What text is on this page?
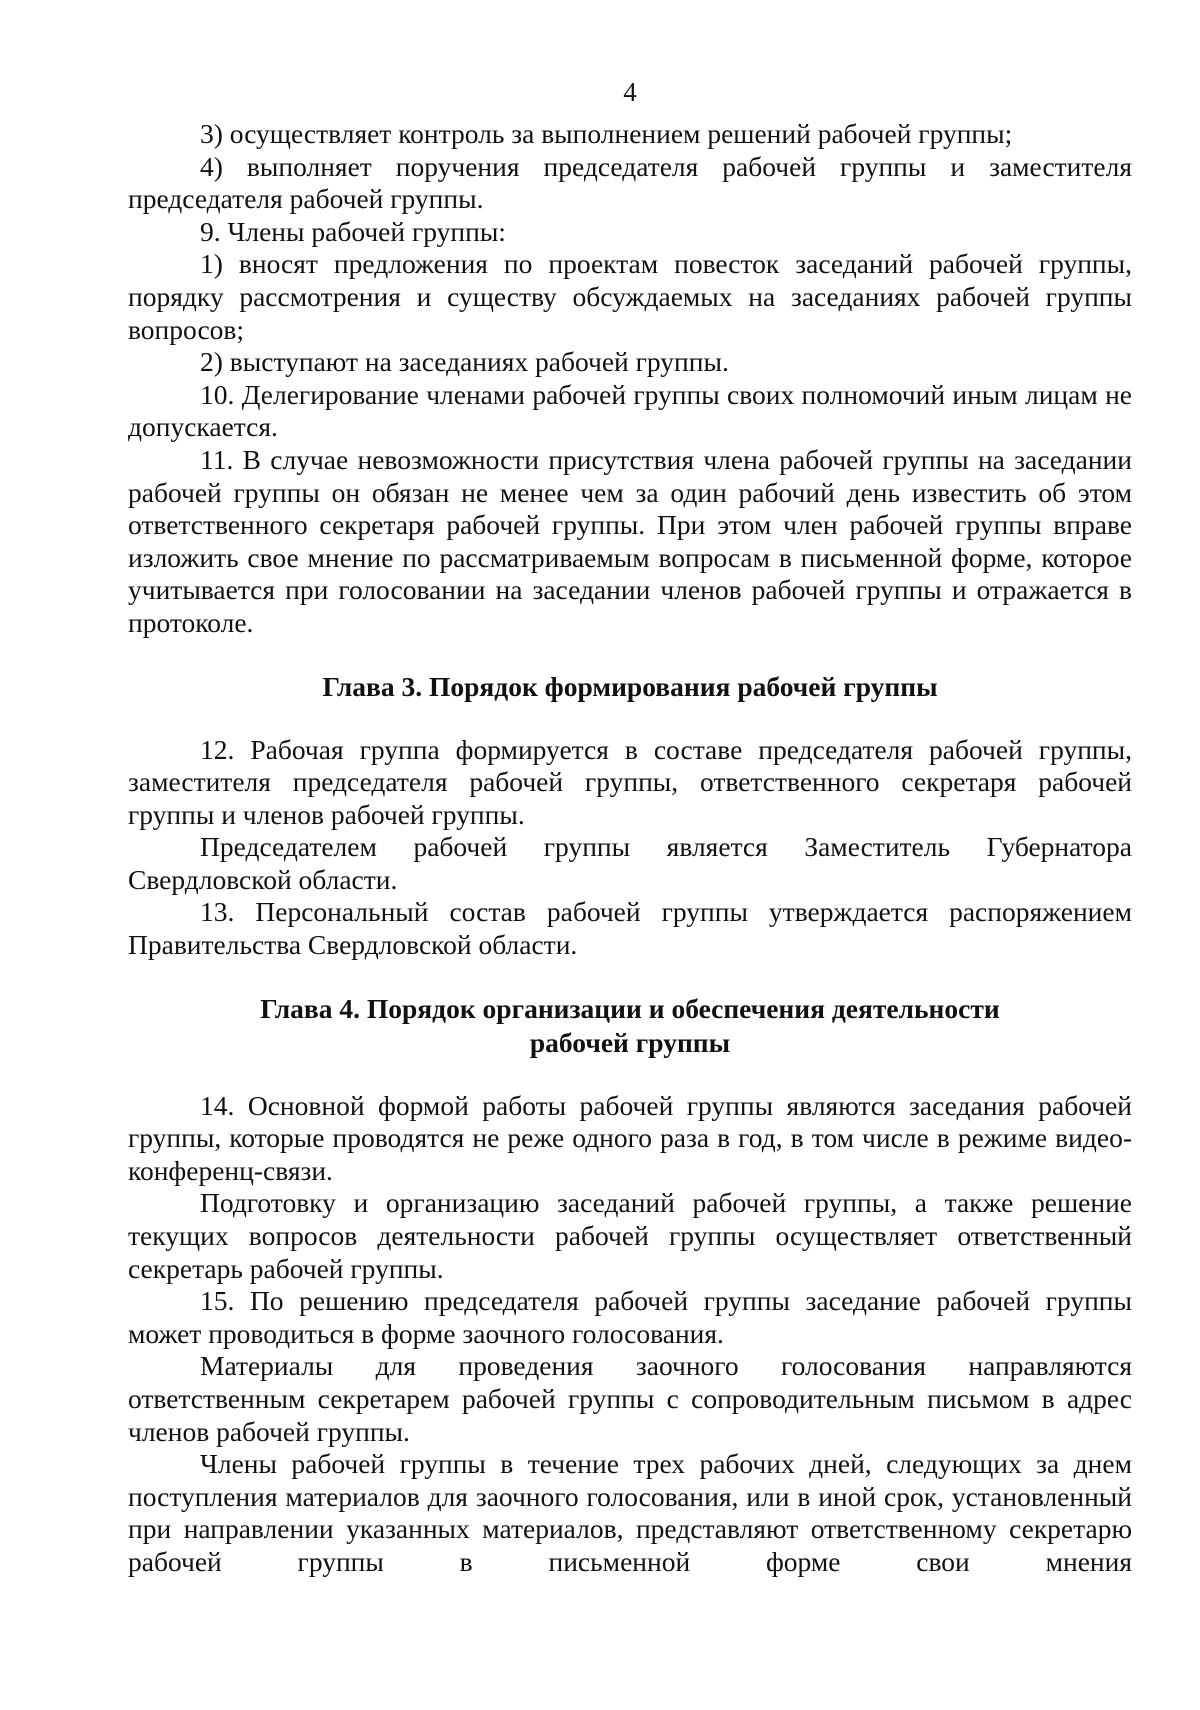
4

3) осуществляет контроль за выполнением решений рабочей группы;

4) выполняет поручения председателя рабочей группы и заместителя председателя рабочей группы.

9. Члены рабочей группы:

1) вносят предложения по проектам повесток заседаний рабочей группы, порядку рассмотрения и существу обсуждаемых на заседаниях рабочей группы вопросов;

2) выступают на заседаниях рабочей группы.

10. Делегирование членами рабочей группы своих полномочий иным лицам не допускается.

11. В случае невозможности присутствия члена рабочей группы на заседании рабочей группы он обязан не менее чем за один рабочий день известить об этом ответственного секретаря рабочей группы. При этом член рабочей группы вправе изложить свое мнение по рассматриваемым вопросам в письменной форме, которое учитывается при голосовании на заседании членов рабочей группы и отражается в протоколе.

Глава 3. Порядок формирования рабочей группы

12. Рабочая группа формируется в составе председателя рабочей группы, заместителя председателя рабочей группы, ответственного секретаря рабочей группы и членов рабочей группы.

Председателем рабочей группы является Заместитель Губернатора Свердловской области.

13. Персональный состав рабочей группы утверждается распоряжением Правительства Свердловской области.

Глава 4. Порядок организации и обеспечения деятельности
рабочей группы

14. Основной формой работы рабочей группы являются заседания рабочей группы, которые проводятся не реже одного раза в год, в том числе в режиме видео-конференц-связи.

Подготовку и организацию заседаний рабочей группы, а также решение текущих вопросов деятельности рабочей группы осуществляет ответственный секретарь рабочей группы.

15. По решению председателя рабочей группы заседание рабочей группы может проводиться в форме заочного голосования.

Материалы для проведения заочного голосования направляются ответственным секретарем рабочей группы с сопроводительным письмом в адрес членов рабочей группы.

Члены рабочей группы в течение трех рабочих дней, следующих за днем поступления материалов для заочного голосования, или в иной срок, установленный при направлении указанных материалов, представляют ответственному секретарю рабочей группы в письменной форме свои мнения
